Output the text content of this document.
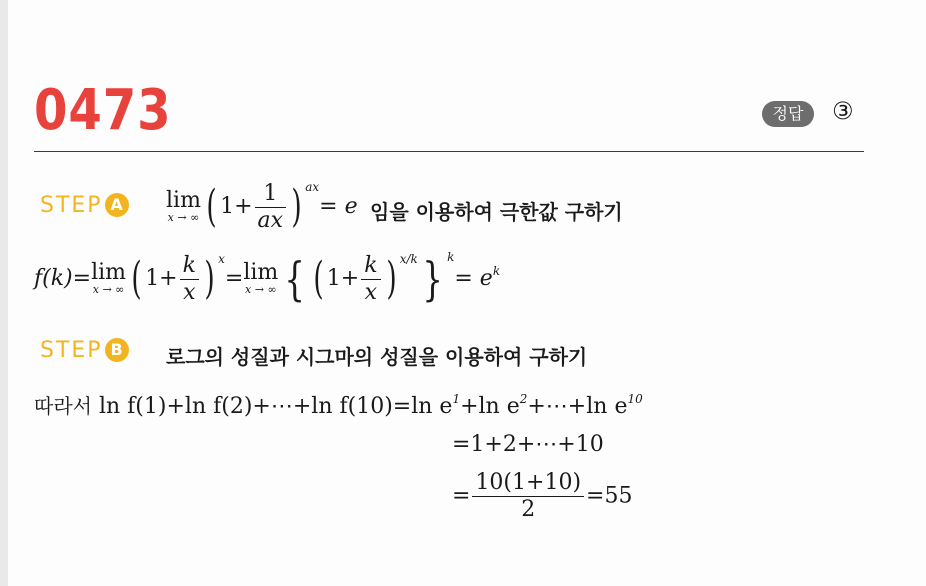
0473	정답	③
STEP A lim
x → ∞ ( $1+ \frac{1}{ax}$ ) $^{ax}$= e 임을 이용하여 극한값 구하기
f(k)= lim
x → ∞ ( $1+ \frac{k}{x}$ ) $^x$= lim
x → ∞ { ( $1+ \frac{k}{x}$ ) $^{x/k}$} $^k= e^k$
STEP B 로그의 성질과 시그마의 성질을 이용하여 구하기
따라서 ln f(1)+ln f(2)+⋯+ln f(10)=ln $e^1+\ln$ $e^2+\cdots+\ln$ $e^{10}$
=1+2+⋯+10
= $\frac{10(1+10)}{2} =55$
